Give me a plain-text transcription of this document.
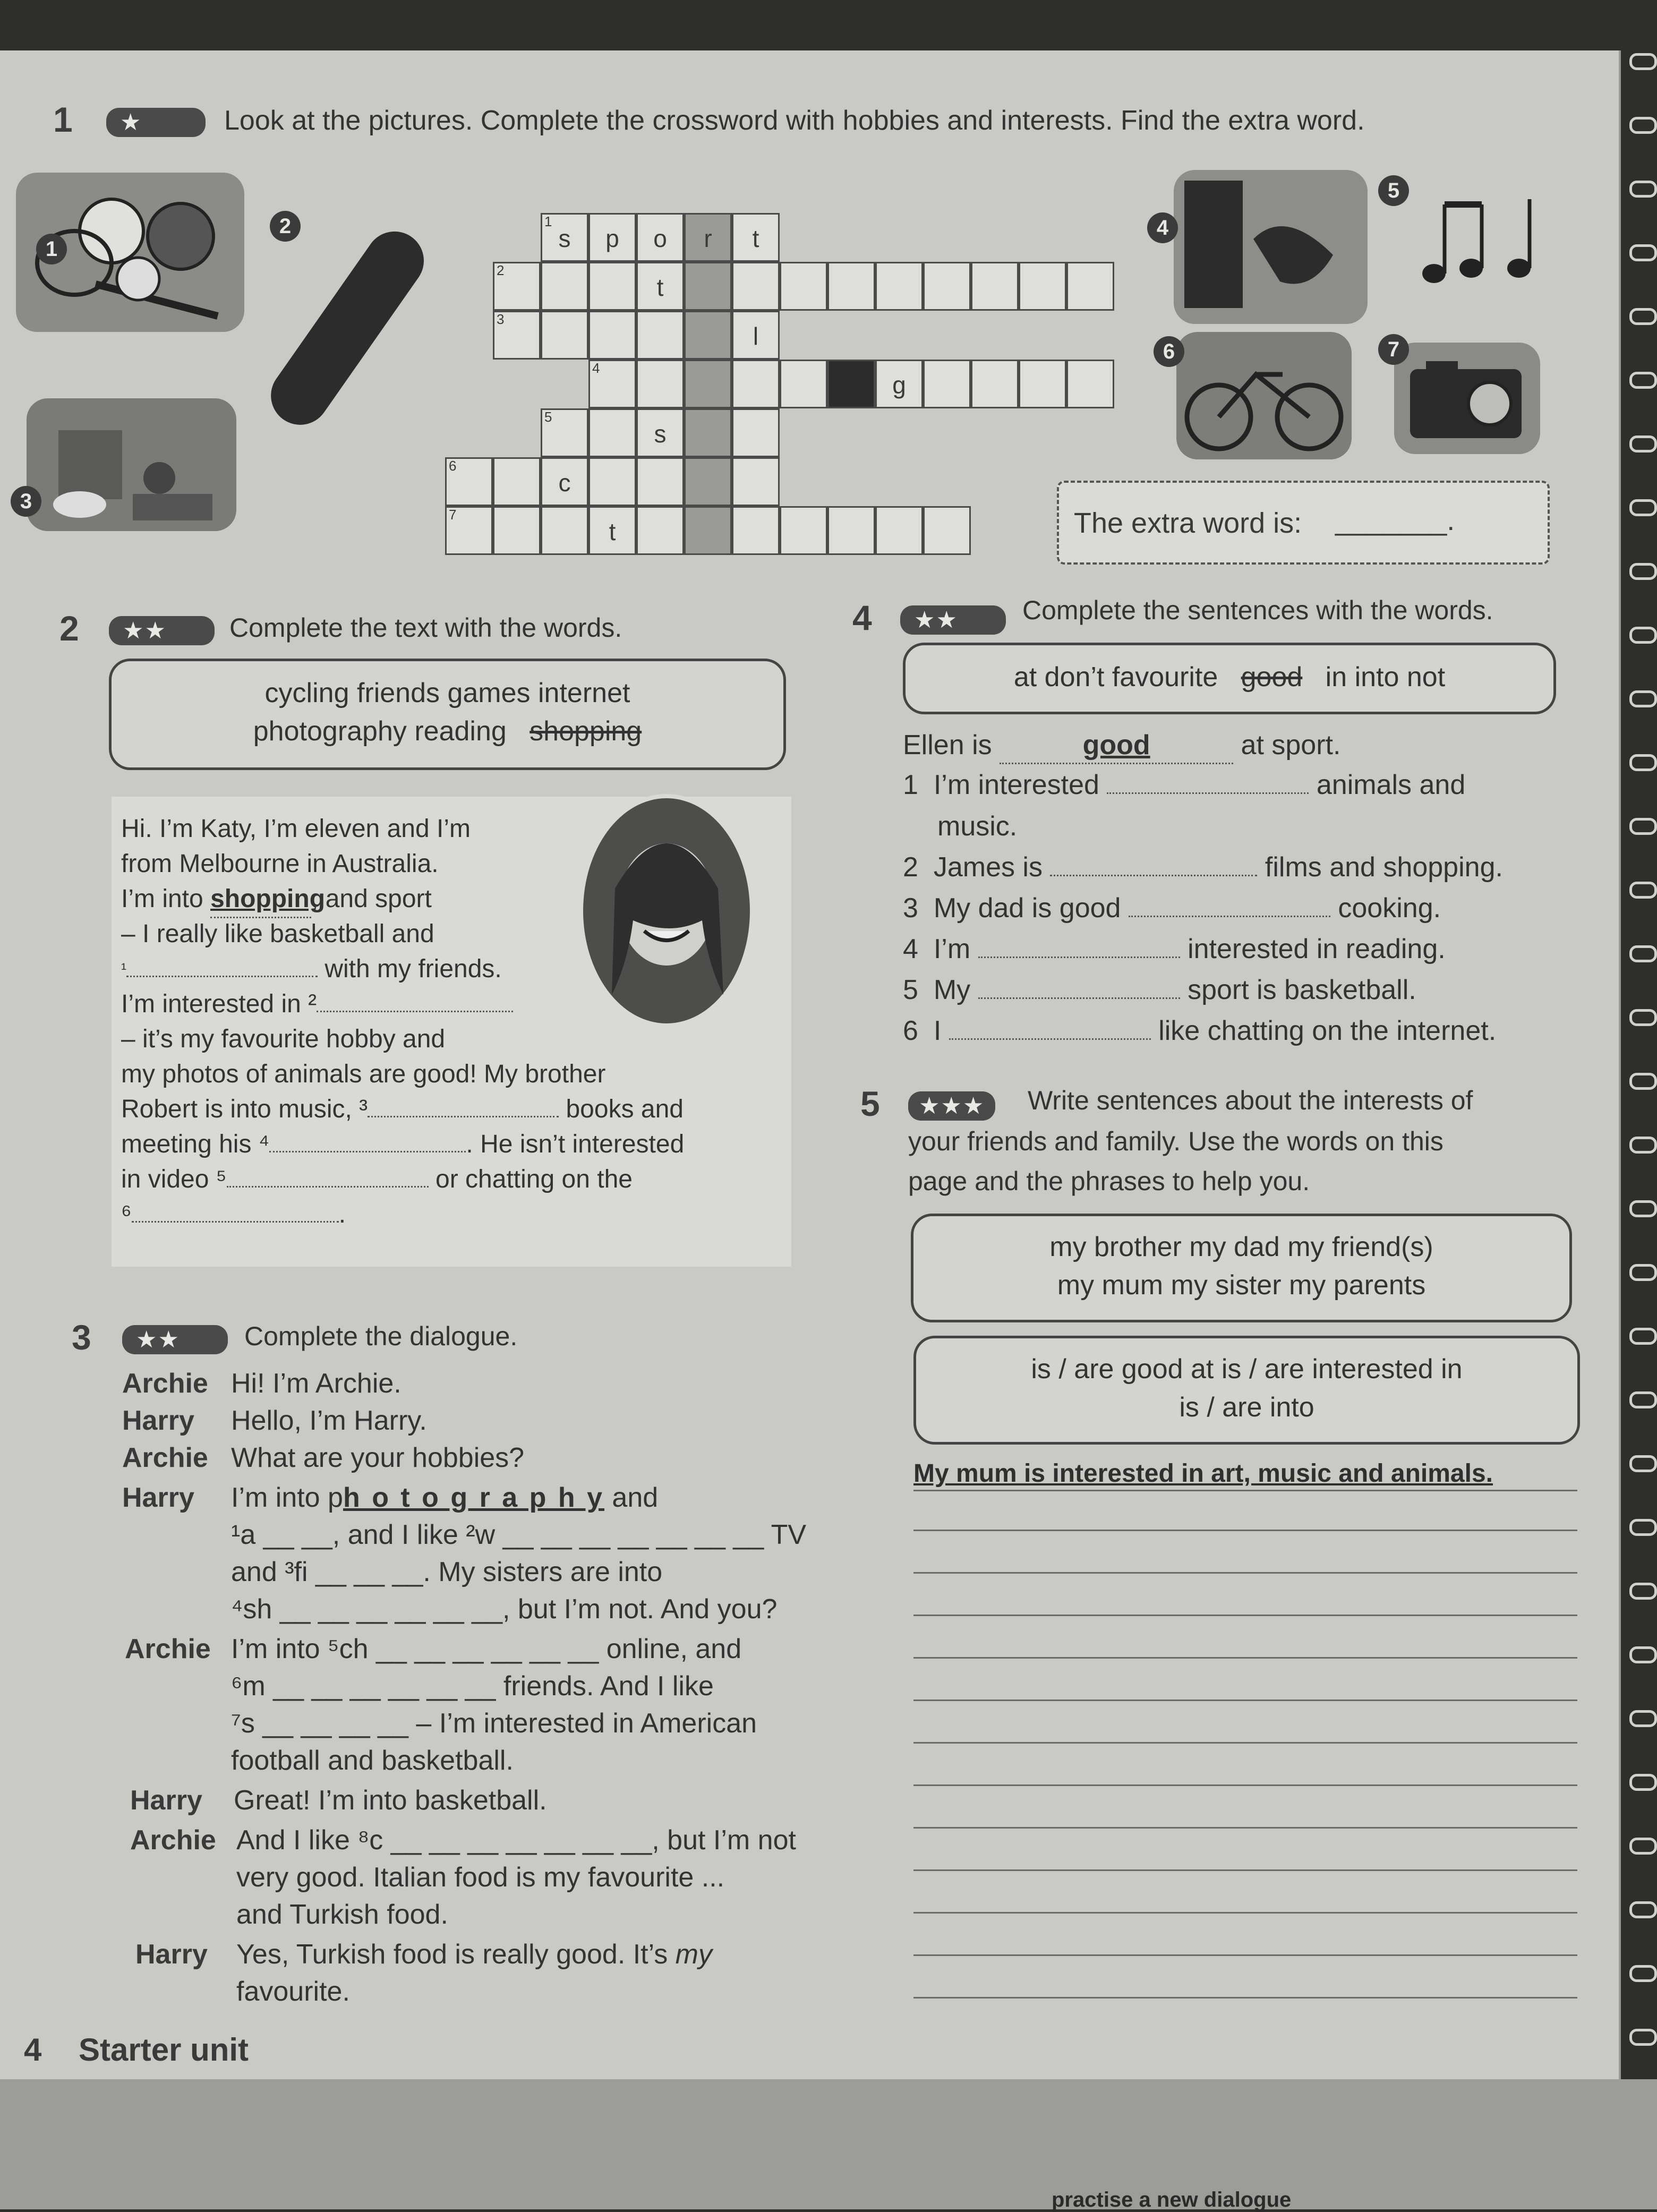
1	★	Look at the pictures. Complete the crossword with hobbies and interests. Find the extra word.
1
2
3
4
5
6	7
1
s	p	o	r	t
2
t
3
l
4
g
5
s
6
c
7
t	The extra word is: _______.
2	★★	Complete the text with the words.
cycling friends games internet
photography reading shopping
Hi. I’m Katy, I’m eleven and I’m
from Melbourne in Australia.
I’m into shopping, and sport
– I really like basketball and
$^{^1}$	with my friends.
I’m interested in ²
– it’s my favourite hobby and
my photos of animals are good! My brother
Robert is into music, ³	books and
meeting his ⁴	. He isn’t interested
in video ⁵	or chatting on the
⁶	.
3	★★	Complete the dialogue.
Archie Hi! I’m Archie.
Harry Hello, I’m Harry.
Archie What are your hobbies?
Harry I’m into ph o t o g r a p h y and
¹a __ __, and I like ²w __ __ __ __ __ __ __ TV
and ³fi __ __ __. My sisters are into
⁴sh __ __ __ __ __ __, but I’m not. And you?
Archie I’m into ⁵ch __ __ __ __ __ __ online, and
⁶m __ __ __ __ __ __ friends. And I like
⁷s __ __ __ __ – I’m interested in American
football and basketball.
Harry Great! I’m into basketball.
Archie And I like ⁸c __ __ __ __ __ __ __, but I’m not
very good. Italian food is my favourite ...
and Turkish food.
Harry Yes, Turkish food is really good. It’s my
favourite.
4 Starter unit
4	★★	Complete the sentences with the words.
at don’t favourite good in into not
Ellen is	good	at sport.
1 I’m interested	animals and
music.
2 James is	films and shopping.
3 My dad is good	cooking.
4 I’m	interested in reading.
5 My	sport is basketball.
6 I	like chatting on the internet.
5	★★★	Write sentences about the interests of
your friends and family. Use the words on this
page and the phrases to help you.
my brother my dad my friend(s)
my mum my sister my parents
is / are good at is / are interested in
is / are into
My mum is interested in art, music and animals.
practise a new dialogue
